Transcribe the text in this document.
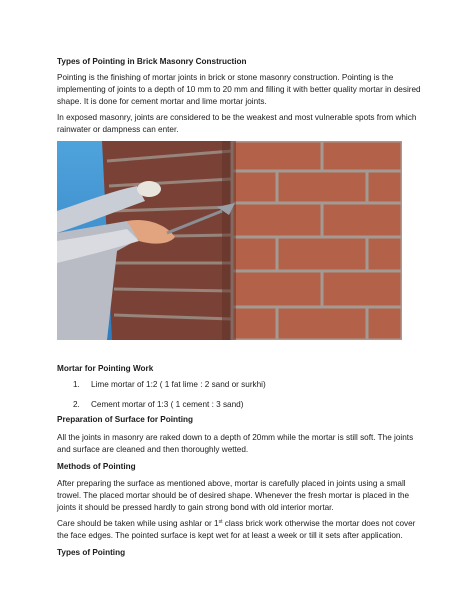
Types of Pointing in Brick Masonry Construction

Pointing is the finishing of mortar joints in brick or stone masonry construction. Pointing is the implementing of joints to a depth of 10 mm to 20 mm and filling it with better quality mortar in desired shape. It is done for cement mortar and lime mortar joints.

In exposed masonry, joints are considered to be the weakest and most vulnerable spots from which rainwater or dampness can enter.

Mortar for Pointing Work

1. Lime mortar of 1:2 ( 1 fat lime : 2 sand or surkhi)
2. Cement mortar of 1:3 ( 1 cement : 3 sand)

Preparation of Surface for Pointing

All the joints in masonry are raked down to a depth of 20mm while the mortar is still soft. The joints and surface are cleaned and then thoroughly wetted.

Methods of Pointing

After preparing the surface as mentioned above, mortar is carefully placed in joints using a small trowel. The placed mortar should be of desired shape. Whenever the fresh mortar is placed in the joints it should be pressed hardly to gain strong bond with old interior mortar.

Care should be taken while using ashlar or 1st class brick work otherwise the mortar does not cover the face edges. The pointed surface is kept wet for at least a week or till it sets after application.

Types of Pointing
